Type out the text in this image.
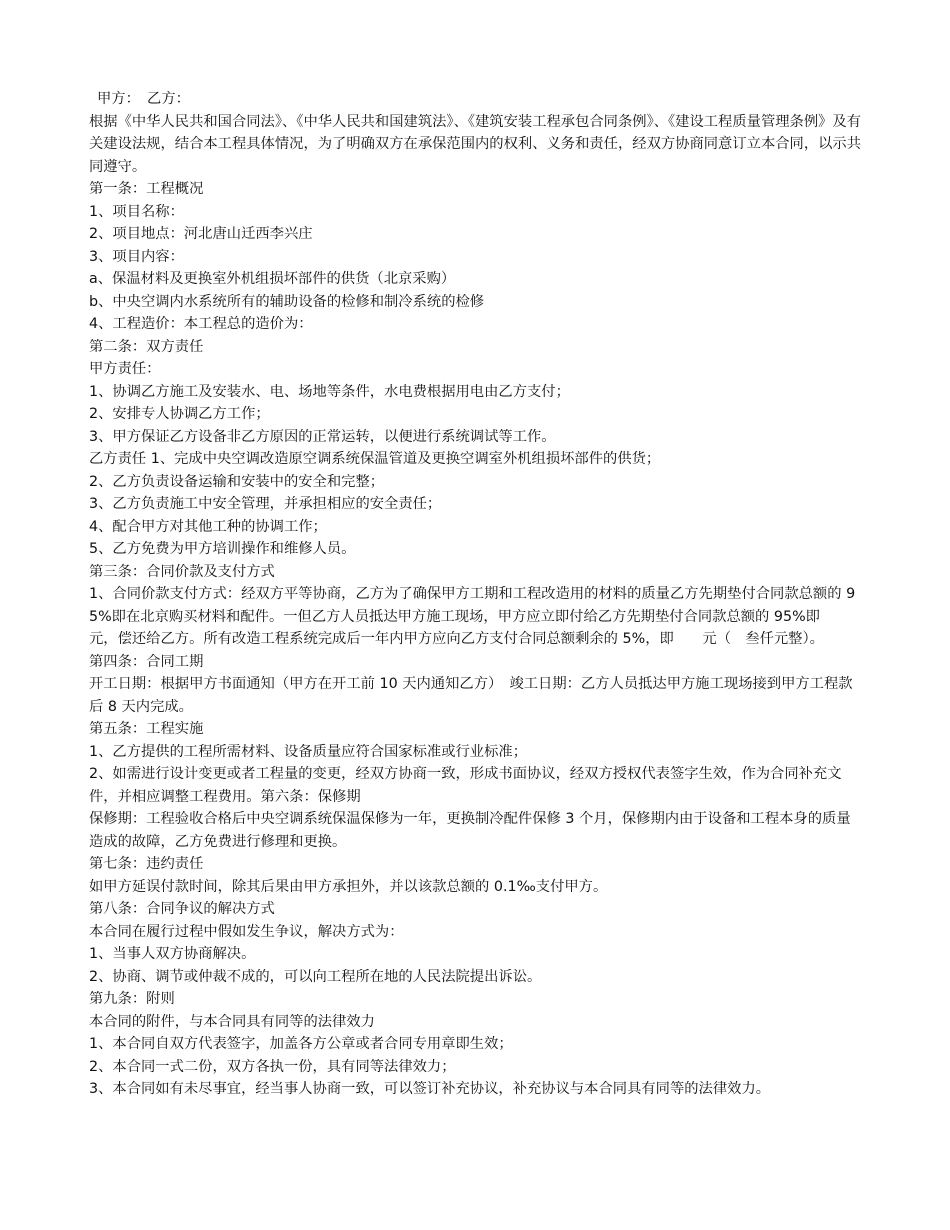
甲方：　乙方：
根据《中华人民共和国合同法》、《中华人民共和国建筑法》、《建筑安装工程承包合同条例》、《建设工程质量管理条例》及有关建设法规，结合本工程具体情况，为了明确双方在承保范围内的权利、义务和责任，经双方协商同意订立本合同，以示共同遵守。
第一条：工程概况
1、项目名称：
2、项目地点：河北唐山迁西李兴庄
3、项目内容：
a、保温材料及更换室外机组损坏部件的供货（北京采购）
b、中央空调内水系统所有的辅助设备的检修和制冷系统的检修
4、工程造价：本工程总的造价为：
第二条：双方责任
甲方责任：
1、协调乙方施工及安装水、电、场地等条件，水电费根据用电由乙方支付；
2、安排专人协调乙方工作；
3、甲方保证乙方设备非乙方原因的正常运转，以便进行系统调试等工作。
乙方责任 1、完成中央空调改造原空调系统保温管道及更换空调室外机组损坏部件的供货；
2、乙方负责设备运输和安装中的安全和完整；
3、乙方负责施工中安全管理，并承担相应的安全责任；
4、配合甲方对其他工种的协调工作；
5、乙方免费为甲方培训操作和维修人员。
第三条：合同价款及支付方式
1、合同价款支付方式：经双方平等协商，乙方为了确保甲方工期和工程改造用的材料的质量乙方先期垫付合同款总额的 95%即在北京购买材料和配件。一但乙方人员抵达甲方施工现场，甲方应立即付给乙方先期垫付合同款总额的 95%即　　元，偿还给乙方。所有改造工程系统完成后一年内甲方应向乙方支付合同总额剩余的 5%，即　　元（　叁仟元整）。
第四条：合同工期
开工日期：根据甲方书面通知（甲方在开工前 10 天内通知乙方）　竣工日期：乙方人员抵达甲方施工现场接到甲方工程款后 8 天内完成。
第五条：工程实施
1、乙方提供的工程所需材料、设备质量应符合国家标准或行业标准；
2、如需进行设计变更或者工程量的变更，经双方协商一致，形成书面协议，经双方授权代表签字生效，作为合同补充文件，并相应调整工程费用。第六条：保修期
保修期：工程验收合格后中央空调系统保温保修为一年，更换制冷配件保修 3 个月，保修期内由于设备和工程本身的质量造成的故障，乙方免费进行修理和更换。
第七条：违约责任
如甲方延误付款时间，除其后果由甲方承担外，并以该款总额的 0.1‰支付甲方。
第八条：合同争议的解决方式
本合同在履行过程中假如发生争议，解决方式为：
1、当事人双方协商解决。
2、协商、调节或仲裁不成的，可以向工程所在地的人民法院提出诉讼。
第九条：附则
本合同的附件，与本合同具有同等的法律效力
1、本合同自双方代表签字，加盖各方公章或者合同专用章即生效；
2、本合同一式二份，双方各执一份，具有同等法律效力；
3、本合同如有未尽事宜，经当事人协商一致，可以签订补充协议，补充协议与本合同具有同等的法律效力。
